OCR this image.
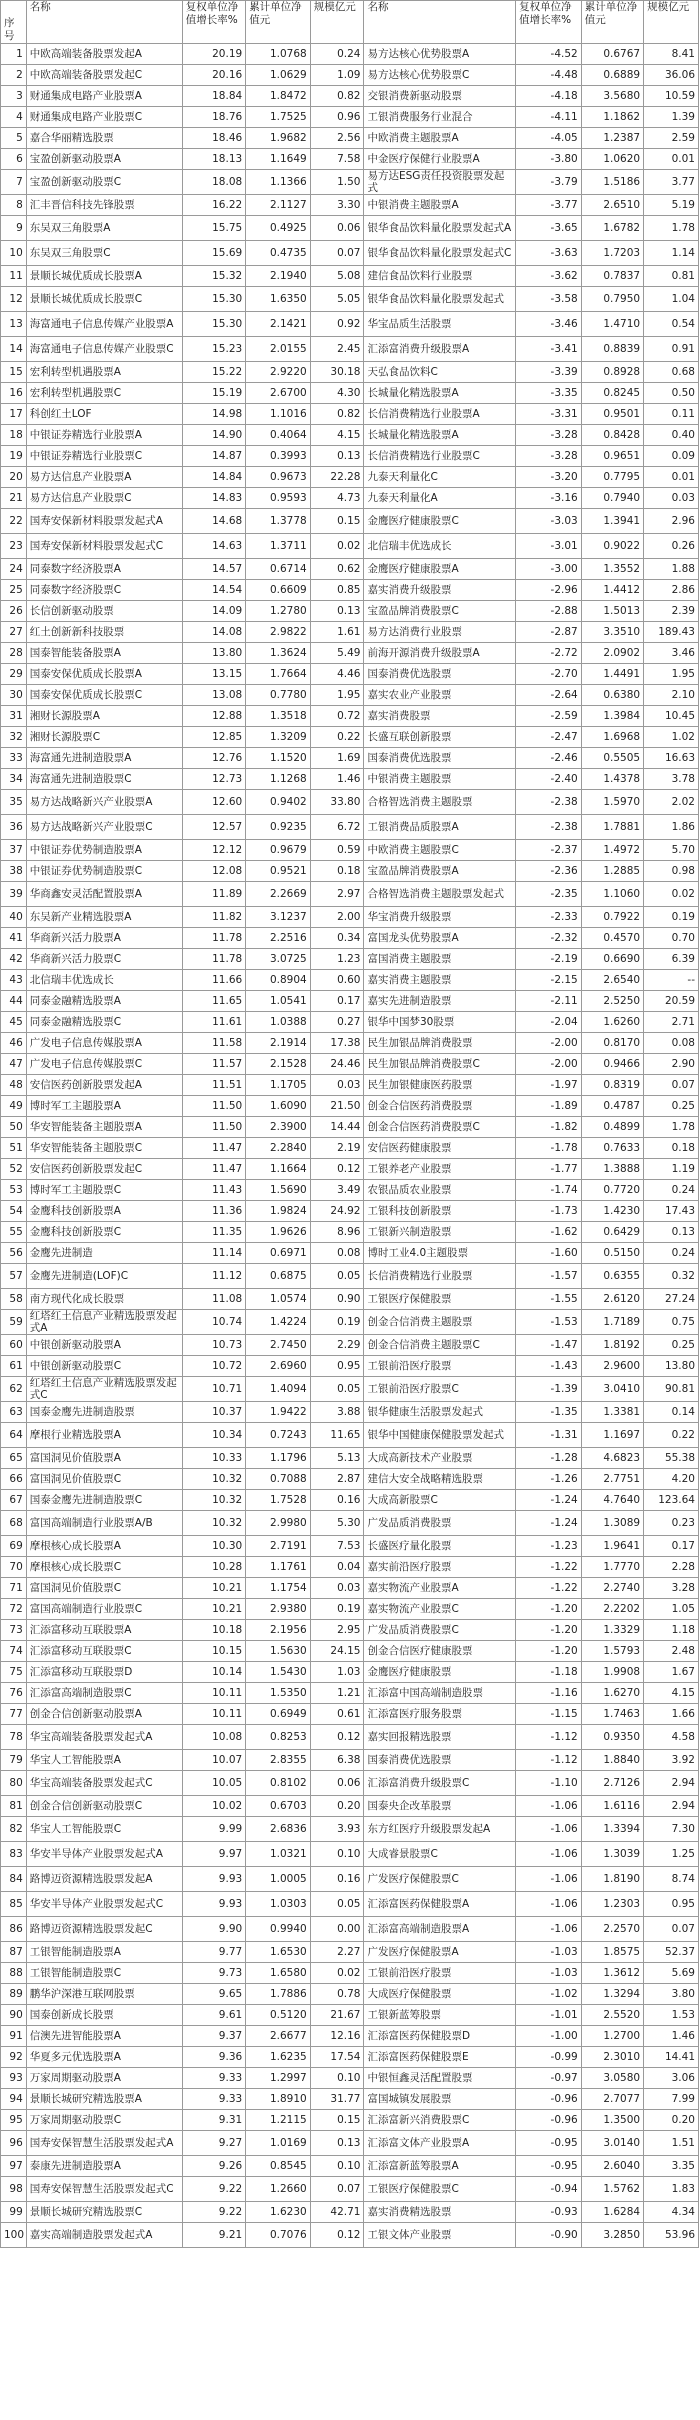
序号	名称	复权单位净值增长率%	累计单位净值元	规模亿元	名称	复权单位净值增长率%	累计单位净值元	规模亿元
1	中欧高端装备股票发起A	20.19	1.0768	0.24	易方达核心优势股票A	-4.52	0.6767	8.41
2	中欧高端装备股票发起C	20.16	1.0629	1.09	易方达核心优势股票C	-4.48	0.6889	36.06
3	财通集成电路产业股票A	18.84	1.8472	0.82	交银消费新驱动股票	-4.18	3.5680	10.59
4	财通集成电路产业股票C	18.76	1.7525	0.96	工银消费服务行业混合	-4.11	1.1862	1.39
5	嘉合华丽精选股票	18.46	1.9682	2.56	中欧消费主题股票A	-4.05	1.2387	2.59
6	宝盈创新驱动股票A	18.13	1.1649	7.58	中金医疗保健行业股票A	-3.80	1.0620	0.01
7	宝盈创新驱动股票C	18.08	1.1366	1.50	易方达ESG责任投资股票发起式	-3.79	1.5186	3.77
8	汇丰晋信科技先锋股票	16.22	2.1127	3.30	中银消费主题股票A	-3.77	2.6510	5.19
9	东吴双三角股票A	15.75	0.4925	0.06	银华食品饮料量化股票发起式A	-3.65	1.6782	1.78
10	东吴双三角股票C	15.69	0.4735	0.07	银华食品饮料量化股票发起式C	-3.63	1.7203	1.14
11	景顺长城优质成长股票A	15.32	2.1940	5.08	建信食品饮料行业股票	-3.62	0.7837	0.81
12	景顺长城优质成长股票C	15.30	1.6350	5.05	银华食品饮料量化股票发起式	-3.58	0.7950	1.04
13	海富通电子信息传媒产业股票A	15.30	2.1421	0.92	华宝品质生活股票	-3.46	1.4710	0.54
14	海富通电子信息传媒产业股票C	15.23	2.0155	2.45	汇添富消费升级股票A	-3.41	0.8839	0.91
15	宏利转型机遇股票A	15.22	2.9220	30.18	天弘食品饮料C	-3.39	0.8928	0.68
16	宏利转型机遇股票C	15.19	2.6700	4.30	长城量化精选股票A	-3.35	0.8245	0.50
17	科创红土LOF	14.98	1.1016	0.82	长信消费精选行业股票A	-3.31	0.9501	0.11
18	中银证券精选行业股票A	14.90	0.4064	4.15	长城量化精选股票A	-3.28	0.8428	0.40
19	中银证券精选行业股票C	14.87	0.3993	0.13	长信消费精选行业股票C	-3.28	0.9651	0.09
20	易方达信息产业股票A	14.84	0.9673	22.28	九泰天利量化C	-3.20	0.7795	0.01
21	易方达信息产业股票C	14.83	0.9593	4.73	九泰天利量化A	-3.16	0.7940	0.03
22	国寿安保新材料股票发起式A	14.68	1.3778	0.15	金鹰医疗健康股票C	-3.03	1.3941	2.96
23	国寿安保新材料股票发起式C	14.63	1.3711	0.02	北信瑞丰优选成长	-3.01	0.9022	0.26
24	同泰数字经济股票A	14.57	0.6714	0.62	金鹰医疗健康股票A	-3.00	1.3552	1.88
25	同泰数字经济股票C	14.54	0.6609	0.85	嘉实消费升级股票	-2.96	1.4412	2.86
26	长信创新驱动股票	14.09	1.2780	0.13	宝盈品牌消费股票C	-2.88	1.5013	2.39
27	红土创新新科技股票	14.08	2.9822	1.61	易方达消费行业股票	-2.87	3.3510	189.43
28	国泰智能装备股票A	13.80	1.3624	5.49	前海开源消费升级股票A	-2.72	2.0902	3.46
29	国泰安保优质成长股票A	13.15	1.7664	4.46	国泰消费优选股票	-2.70	1.4491	1.95
30	国泰安保优质成长股票C	13.08	0.7780	1.95	嘉实农业产业股票	-2.64	0.6380	2.10
31	湘财长源股票A	12.88	1.3518	0.72	嘉实消费股票	-2.59	1.3984	10.45
32	湘财长源股票C	12.85	1.3209	0.22	长盛互联创新股票	-2.47	1.6968	1.02
33	海富通先进制造股票A	12.76	1.1520	1.69	国泰消费优选股票	-2.46	0.5505	16.63
34	海富通先进制造股票C	12.73	1.1268	1.46	中银消费主题股票	-2.40	1.4378	3.78
35	易方达战略新兴产业股票A	12.60	0.9402	33.80	合格智选消费主题股票	-2.38	1.5970	2.02
36	易方达战略新兴产业股票C	12.57	0.9235	6.72	工银消费品质股票A	-2.38	1.7881	1.86
37	中银证券优势制造股票A	12.12	0.9679	0.59	中欧消费主题股票C	-2.37	1.4972	5.70
38	中银证券优势制造股票C	12.08	0.9521	0.18	宝盈品牌消费股票A	-2.36	1.2885	0.98
39	华商鑫安灵活配置股票A	11.89	2.2669	2.97	合格智选消费主题股票发起式	-2.35	1.1060	0.02
40	东吴新产业精选股票A	11.82	3.1237	2.00	华宝消费升级股票	-2.33	0.7922	0.19
41	华商新兴活力股票A	11.78	2.2516	0.34	富国龙头优势股票A	-2.32	0.4570	0.70
42	华商新兴活力股票C	11.78	3.0725	1.23	富国消费主题股票	-2.19	0.6690	6.39
43	北信瑞丰优选成长	11.66	0.8904	0.60	嘉实消费主题股票	-2.15	2.6540	--
44	同泰金融精选股票A	11.65	1.0541	0.17	嘉实先进制造股票	-2.11	2.5250	20.59
45	同泰金融精选股票C	11.61	1.0388	0.27	银华中国梦30股票	-2.04	1.6260	2.71
46	广发电子信息传媒股票A	11.58	2.1914	17.38	民生加银品牌消费股票	-2.00	0.8170	0.08
47	广发电子信息传媒股票C	11.57	2.1528	24.46	民生加银品牌消费股票C	-2.00	0.9466	2.90
48	安信医药创新股票发起A	11.51	1.1705	0.03	民生加银健康医药股票	-1.97	0.8319	0.07
49	博时军工主题股票A	11.50	1.6090	21.50	创金合信医药消费股票	-1.89	0.4787	0.25
50	华安智能装备主题股票A	11.50	2.3900	14.44	创金合信医药消费股票C	-1.82	0.4899	1.78
51	华安智能装备主题股票C	11.47	2.2840	2.19	安信医药健康股票	-1.78	0.7633	0.18
52	安信医药创新股票发起C	11.47	1.1664	0.12	工银养老产业股票	-1.77	1.3888	1.19
53	博时军工主题股票C	11.43	1.5690	3.49	农银品质农业股票	-1.74	0.7720	0.24
54	金鹰科技创新股票A	11.36	1.9824	24.92	工银科技创新股票	-1.73	1.4230	17.43
55	金鹰科技创新股票C	11.35	1.9626	8.96	工银新兴制造股票	-1.62	0.6429	0.13
56	金鹰先进制造	11.14	0.6971	0.08	博时工业4.0主题股票	-1.60	0.5150	0.24
57	金鹰先进制造(LOF)C	11.12	0.6875	0.05	长信消费精选行业股票	-1.57	0.6355	0.32
58	南方现代化成长股票	11.08	1.0574	0.90	工银医疗保健股票	-1.55	2.6120	27.24
59	红塔红土信息产业精选股票发起式A	10.74	1.4224	0.19	创金合信消费主题股票	-1.53	1.7189	0.75
60	中银创新驱动股票A	10.73	2.7450	2.29	创金合信消费主题股票C	-1.47	1.8192	0.25
61	中银创新驱动股票C	10.72	2.6960	0.95	工银前沿医疗股票	-1.43	2.9600	13.80
62	红塔红土信息产业精选股票发起式C	10.71	1.4094	0.05	工银前沿医疗股票C	-1.39	3.0410	90.81
63	国泰金鹰先进制造股票	10.37	1.9422	3.88	银华健康生活股票发起式	-1.35	1.3381	0.14
64	摩根行业精选股票A	10.34	0.7243	11.65	银华中国健康保健股票发起式	-1.31	1.1697	0.22
65	富国洞见价值股票A	10.33	1.1796	5.13	大成高新技术产业股票	-1.28	4.6823	55.38
66	富国洞见价值股票C	10.32	0.7088	2.87	建信大安全战略精选股票	-1.26	2.7751	4.20
67	国泰金鹰先进制造股票C	10.32	1.7528	0.16	大成高新股票C	-1.24	4.7640	123.64
68	富国高端制造行业股票A/B	10.32	2.9980	5.30	广发品质消费股票	-1.24	1.3089	0.23
69	摩根核心成长股票A	10.30	2.7191	7.53	长盛医疗量化股票	-1.23	1.9641	0.17
70	摩根核心成长股票C	10.28	1.1761	0.04	嘉实前沿医疗股票	-1.22	1.7770	2.28
71	富国洞见价值股票C	10.21	1.1754	0.03	嘉实物流产业股票A	-1.22	2.2740	3.28
72	富国高端制造行业股票C	10.21	2.9380	0.19	嘉实物流产业股票C	-1.20	2.2202	1.05
73	汇添富移动互联股票A	10.18	2.1956	2.95	广发品质消费股票C	-1.20	1.3329	1.18
74	汇添富移动互联股票C	10.15	1.5630	24.15	创金合信医疗健康股票	-1.20	1.5793	2.48
75	汇添富移动互联股票D	10.14	1.5430	1.03	金鹰医疗健康股票	-1.18	1.9908	1.67
76	汇添富高端制造股票C	10.11	1.5350	1.21	汇添富中国高端制造股票	-1.16	1.6270	4.15
77	创金合信创新驱动股票A	10.11	0.6949	0.61	汇添富医疗服务股票	-1.15	1.7463	1.66
78	华宝高端装备股票发起式A	10.08	0.8253	0.12	嘉实回报精选股票	-1.12	0.9350	4.58
79	华宝人工智能股票A	10.07	2.8355	6.38	国泰消费优选股票	-1.12	1.8840	3.92
80	华宝高端装备股票发起式C	10.05	0.8102	0.06	汇添富消费升级股票C	-1.10	2.7126	2.94
81	创金合信创新驱动股票C	10.02	0.6703	0.20	国泰央企改革股票	-1.06	1.6116	2.94
82	华宝人工智能股票C	9.99	2.6836	3.93	东方红医疗升级股票发起A	-1.06	1.3394	7.30
83	华安半导体产业股票发起式A	9.97	1.0321	0.10	大成睿景股票C	-1.06	1.3039	1.25
84	路博迈资源精选股票发起A	9.93	1.0005	0.16	广发医疗保健股票C	-1.06	1.8190	8.74
85	华安半导体产业股票发起式C	9.93	1.0303	0.05	汇添富医药保健股票A	-1.06	1.2303	0.95
86	路博迈资源精选股票发起C	9.90	0.9940	0.00	汇添富高端制造股票A	-1.06	2.2570	0.07
87	工银智能制造股票A	9.77	1.6530	2.27	广发医疗保健股票A	-1.03	1.8575	52.37
88	工银智能制造股票C	9.73	1.6580	0.02	工银前沿医疗股票	-1.03	1.3612	5.69
89	鹏华沪深港互联网股票	9.65	1.7886	0.78	大成医疗保健股票	-1.02	1.3294	3.80
90	国泰创新成长股票	9.61	0.5120	21.67	工银新蓝筹股票	-1.01	2.5520	1.53
91	信澳先进智能股票A	9.37	2.6677	12.16	汇添富医药保健股票D	-1.00	1.2700	1.46
92	华夏多元优选股票A	9.36	1.6235	17.54	汇添富医药保健股票E	-0.99	2.3010	14.41
93	万家周期驱动股票A	9.33	1.2997	0.10	中银恒鑫灵活配置股票	-0.97	3.0580	3.06
94	景顺长城研究精选股票A	9.33	1.8910	31.77	富国城镇发展股票	-0.96	2.7077	7.99
95	万家周期驱动股票C	9.31	1.2115	0.15	汇添富新兴消费股票C	-0.96	1.3500	0.20
96	国寿安保智慧生活股票发起式A	9.27	1.0169	0.13	汇添富文体产业股票A	-0.95	3.0140	1.51
97	泰康先进制造股票A	9.26	0.8545	0.10	汇添富新蓝筹股票A	-0.95	2.6040	3.35
98	国寿安保智慧生活股票发起式C	9.22	1.2660	0.07	工银医疗保健股票C	-0.94	1.5762	1.83
99	景顺长城研究精选股票C	9.22	1.6230	42.71	嘉实消费精选股票	-0.93	1.6284	4.34
100	嘉实高端制造股票发起式A	9.21	0.7076	0.12	工银文体产业股票	-0.90	3.2850	53.96
